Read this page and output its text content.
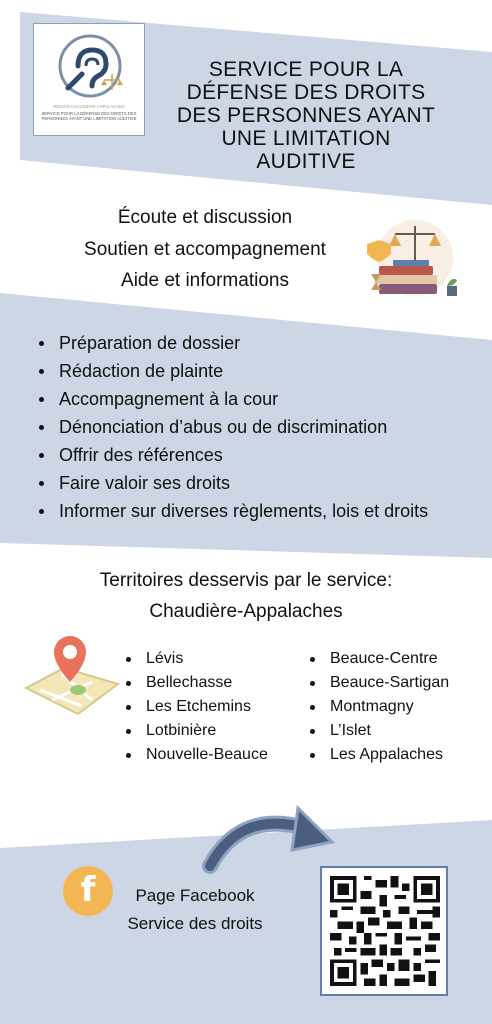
RÉGION CHAUDIÈRE-APPALACHES
SERVICE POUR LA DÉFENSE DES DROITS DES
PERSONNES AYANT UNE LIMITATION AUDITIVE
SERVICE POUR LA
DÉFENSE DES DROITS
DES PERSONNES AYANT
UNE LIMITATION
AUDITIVE
Écoute et discussion
Soutien et accompagnement
Aide et informations
Préparation de dossier
Rédaction de plainte
Accompagnement à la cour
Dénonciation d’abus ou de discrimination
Offrir des références
Faire valoir ses droits
Informer sur diverses règlements, lois et droits
Territoires desservis par le service:
Chaudière-Appalaches
Lévis
Bellechasse
Les Etchemins
Lotbinière
Nouvelle-Beauce
Beauce-Centre
Beauce-Sartigan
Montmagny
L’Islet
Les Appalaches
f	Page Facebook
Service des droits
